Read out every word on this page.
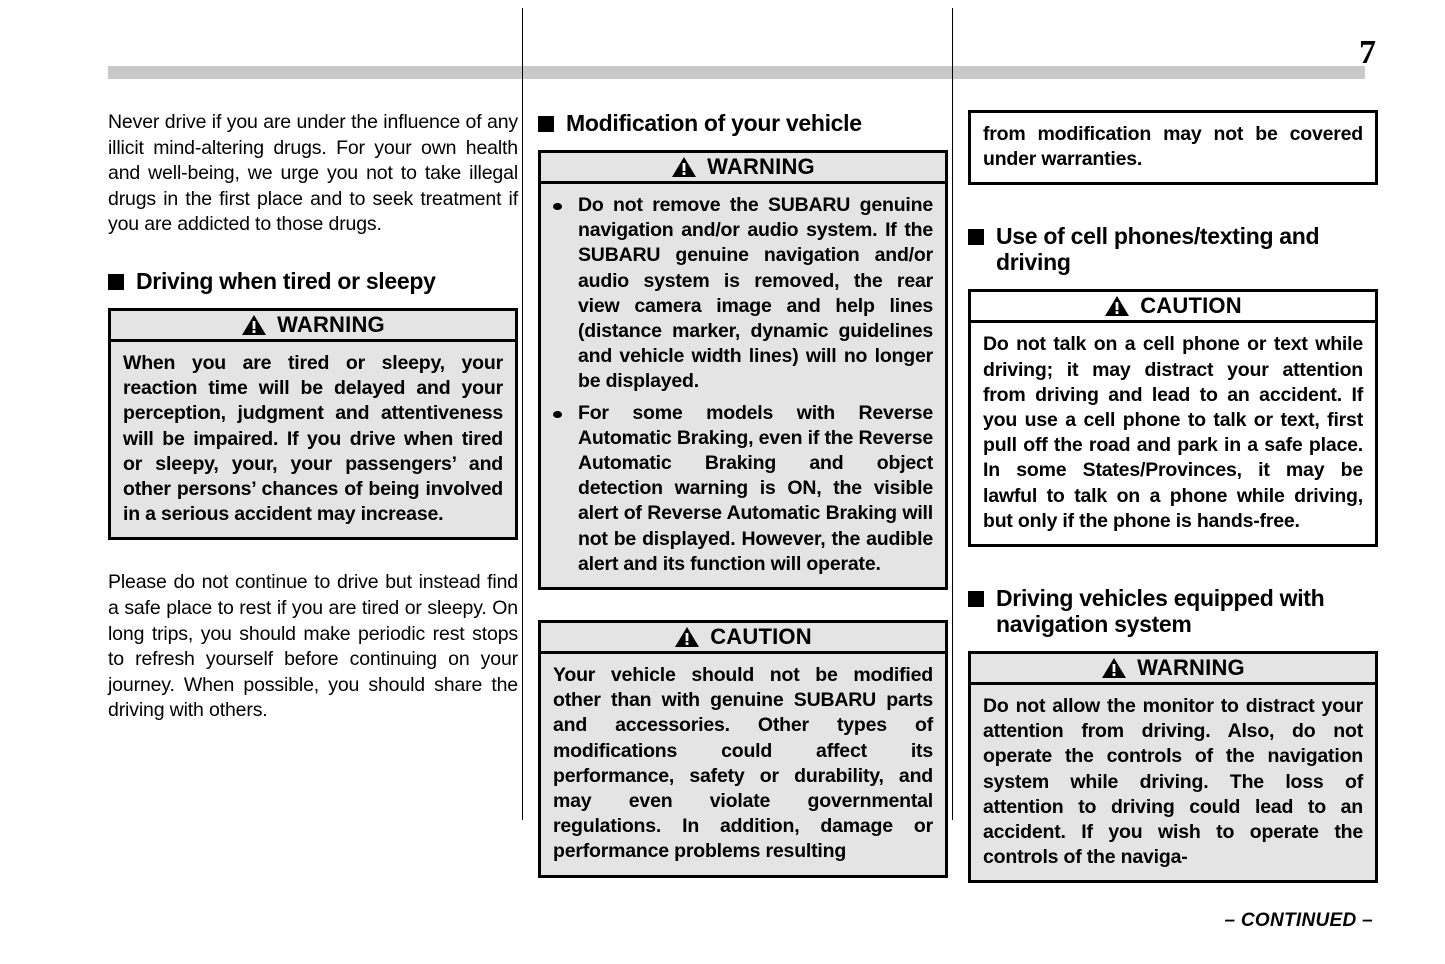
7

Never drive if you are under the influence of any illicit mind-altering drugs. For your own health and well-being, we urge you not to take illegal drugs in the first place and to seek treatment if you are addicted to those drugs.

Driving when tired or sleepy
WARNING

When you are tired or sleepy, your reaction time will be delayed and your perception, judgment and attentiveness will be impaired. If you drive when tired or sleepy, your, your passengers’ and other persons’ chances of being involved in a serious accident may increase.

Please do not continue to drive but instead find a safe place to rest if you are tired or sleepy. On long trips, you should make periodic rest stops to refresh yourself before continuing on your journey. When possible, you should share the driving with others.

Modification of your vehicle
WARNING
Do not remove the SUBARU genuine navigation and/or audio system. If the SUBARU genuine navigation and/or audio system is removed, the rear view camera image and help lines (distance marker, dynamic guidelines and vehicle width lines) will no longer be displayed.
For some models with Reverse Automatic Braking, even if the Reverse Automatic Braking and object detection warning is ON, the visible alert of Reverse Automatic Braking will not be displayed. However, the audible alert and its function will operate.
CAUTION

Your vehicle should not be modified other than with genuine SUBARU parts and accessories. Other types of modifications could affect its performance, safety or durability, and may even violate governmental regulations. In addition, damage or performance problems resulting

from modification may not be covered under warranties.

Use of cell phones/texting and driving
CAUTION

Do not talk on a cell phone or text while driving; it may distract your attention from driving and lead to an accident. If you use a cell phone to talk or text, first pull off the road and park in a safe place. In some States/Provinces, it may be lawful to talk on a phone while driving, but only if the phone is hands-free.

Driving vehicles equipped with navigation system
WARNING

Do not allow the monitor to distract your attention from driving. Also, do not operate the controls of the navigation system while driving. The loss of attention to driving could lead to an accident. If you wish to operate the controls of the naviga-

– CONTINUED –
